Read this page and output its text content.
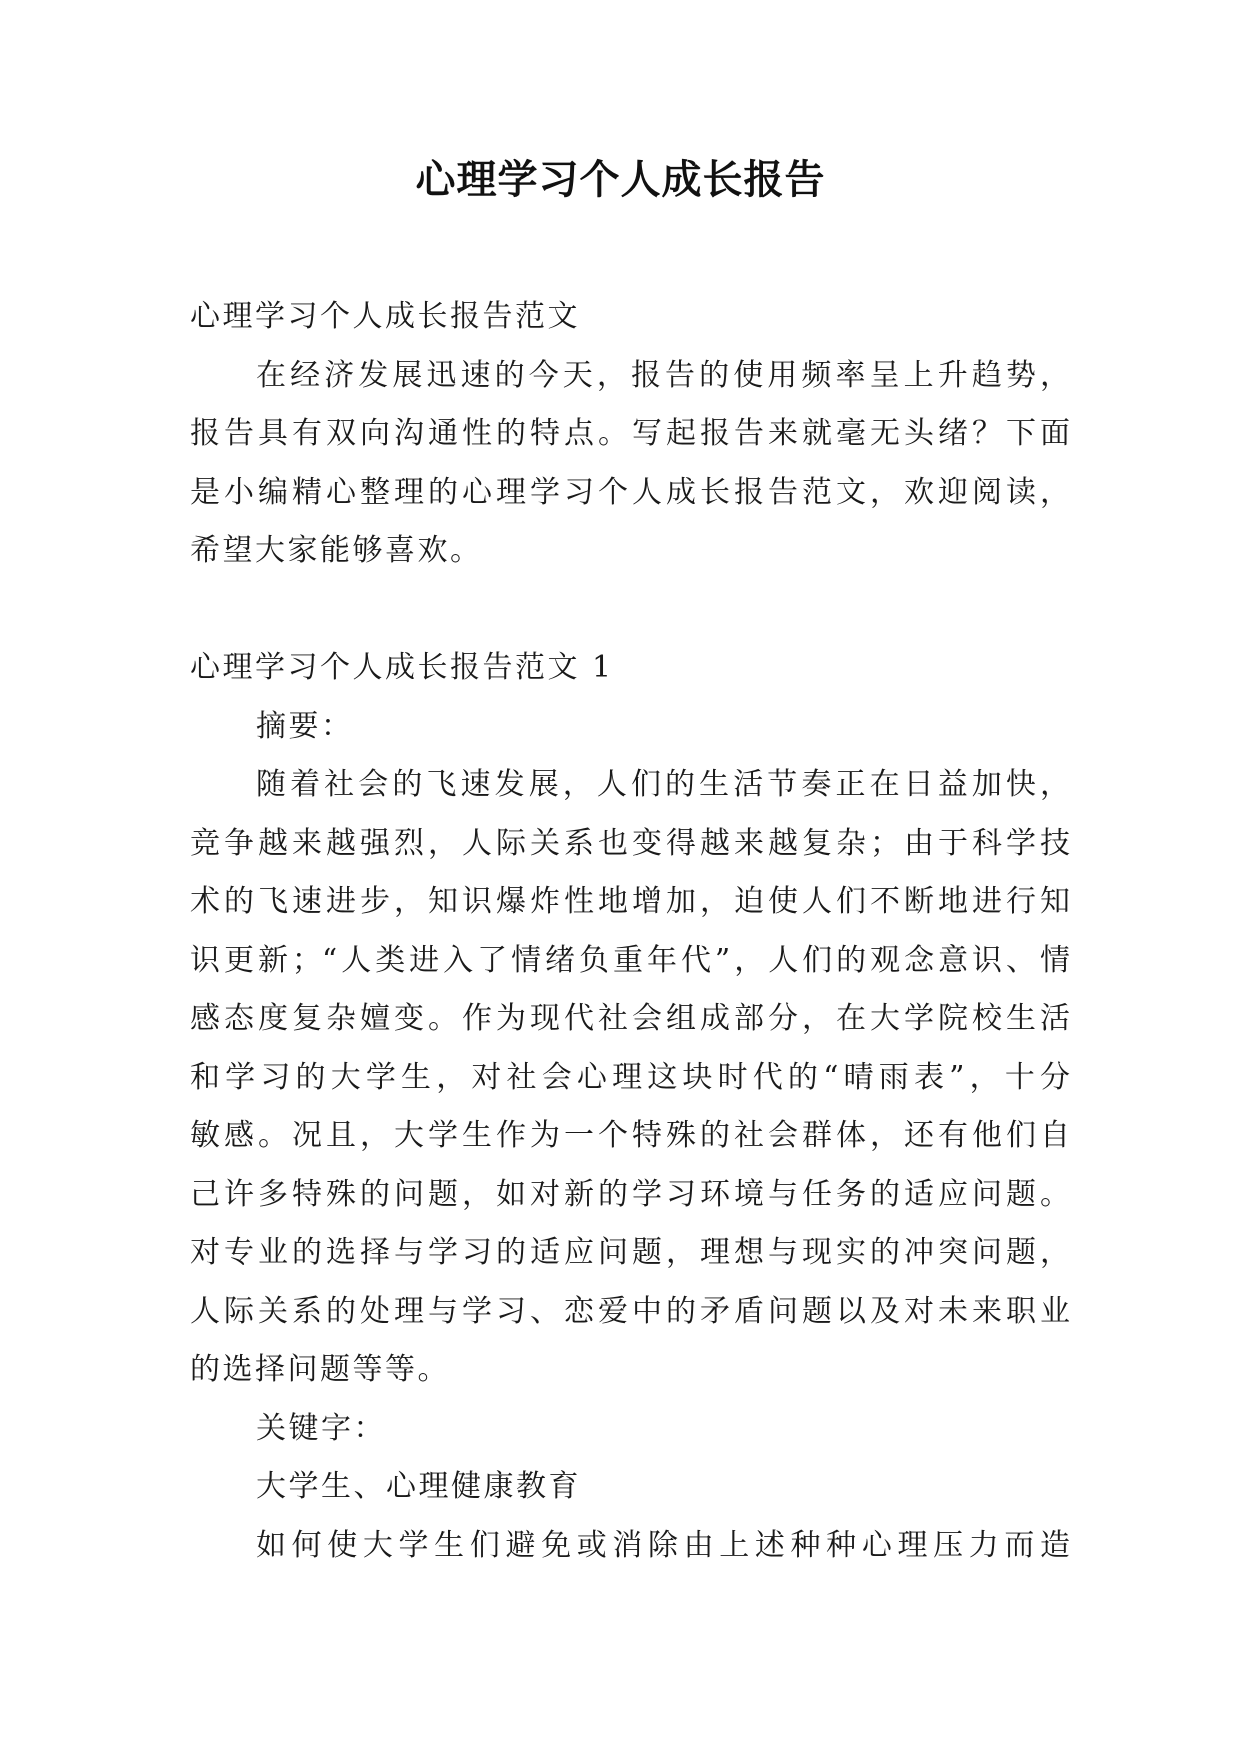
心理学习个人成长报告
心理学习个人成长报告范文
在经济发展迅速的今天，报告的使用频率呈上升趋势，
报告具有双向沟通性的特点。写起报告来就毫无头绪？下面
是小编精心整理的心理学习个人成长报告范文，欢迎阅读，
希望大家能够喜欢。
心理学习个人成长报告范文 1
摘要：
随着社会的飞速发展，人们的生活节奏正在日益加快，
竞争越来越强烈，人际关系也变得越来越复杂；由于科学技
术的飞速进步，知识爆炸性地增加，迫使人们不断地进行知
识更新；“人类进入了情绪负重年代”，人们的观念意识、情
感态度复杂嬗变。作为现代社会组成部分，在大学院校生活
和学习的大学生，对社会心理这块时代的“晴雨表”，十分
敏感。况且，大学生作为一个特殊的社会群体，还有他们自
己许多特殊的问题，如对新的学习环境与任务的适应问题。
对专业的选择与学习的适应问题，理想与现实的冲突问题，
人际关系的处理与学习、恋爱中的矛盾问题以及对未来职业
的选择问题等等。
关键字：
大学生、心理健康教育
如何使大学生们避免或消除由上述种种心理压力而造
